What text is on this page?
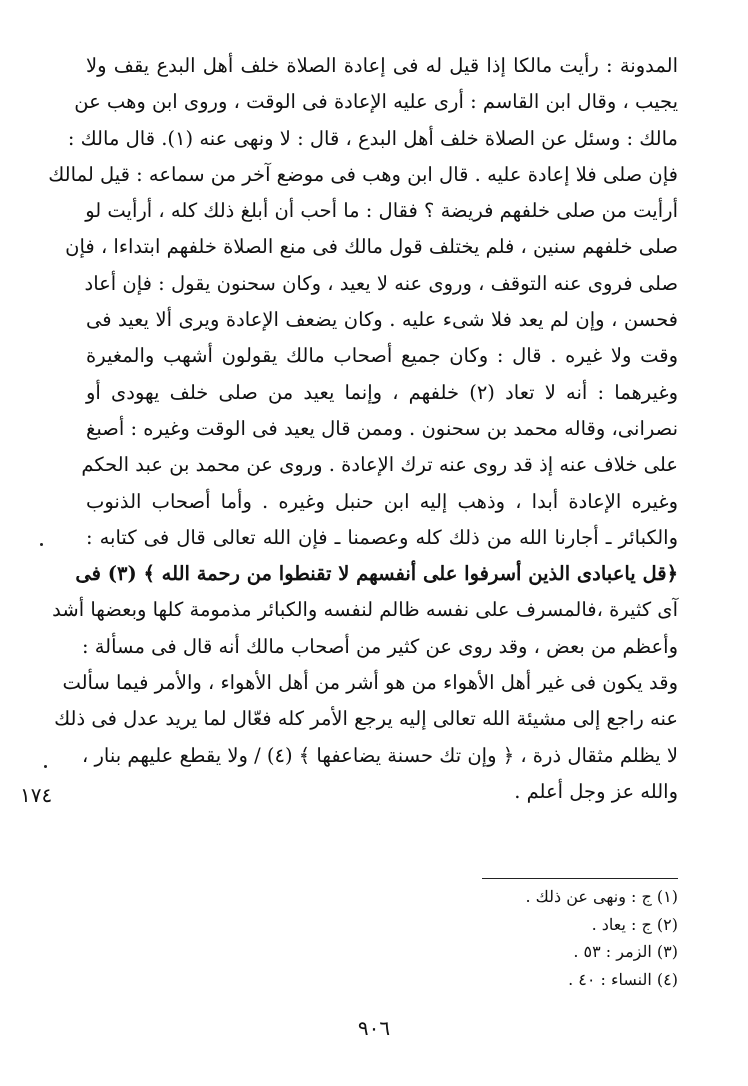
المدونة : رأيت مالكا إذا قيل له فى إعادة الصلاة خلف أهل البدع يقف ولا
يجيب ، وقال ابن القاسم : أرى عليه الإعادة فى الوقت ، وروى ابن وهب عن
مالك : وسئل عن الصلاة خلف أهل البدع ، قال : لا ونهى عنه (١). قال مالك :
فإن صلى فلا إعادة عليه . قال ابن وهب فى موضع آخر من سماعه : قيل لمالك
أرأيت من صلى خلفهم فريضة ؟ فقال : ما أحب أن أبلغ ذلك كله ، أرأيت لو
صلى خلفهم سنين ، فلم يختلف قول مالك فى منع الصلاة خلفهم ابتداءا ، فإن
صلى فروى عنه التوقف ، وروى عنه لا يعيد ، وكان سحنون يقول : فإن أعاد
فحسن ، وإن لم يعد فلا شىء عليه . وكان يضعف الإعادة ويرى ألا يعيد فى
وقت ولا غيره . قال : وكان جميع أصحاب مالك يقولون أشهب والمغيرة
وغيرهما : أنه لا تعاد (٢) خلفهم ، وإنما يعيد من صلى خلف يهودى أو
نصرانى، وقاله محمد بن سحنون . وممن قال يعيد فى الوقت وغيره : أصبغ
على خلاف عنه إذ قد روى عنه ترك الإعادة . وروى عن محمد بن عبد الحكم
وغيره الإعادة أبدا ، وذهب إليه ابن حنبل وغيره . وأما أصحاب الذنوب
والكبائر ـ أجارنا الله من ذلك كله وعصمنا ـ فإن الله تعالى قال فى كتابه :
﴿قل ياعبادى الذين أسرفوا على أنفسهم لا تقنطوا من رحمة الله ﴾ (٣) فى
آى كثيرة ،فالمسرف على نفسه ظالم لنفسه والكبائر مذمومة كلها وبعضها أشد
وأعظم من بعض ، وقد روى عن كثير من أصحاب مالك أنه قال فى مسألة :
وقد يكون فى غير أهل الأهواء من هو أشر من أهل الأهواء ، والأمر فيما سألت
عنه راجع إلى مشيئة الله تعالى إليه يرجع الأمر كله فعّال لما يريد عدل فى ذلك
لا يظلم مثقال ذرة ، ﴿ وإن تك حسنة يضاعفها ﴾ (٤) / ولا يقطع عليهم بنار ،
والله عز وجل أعلم .
١٧٤
(١) ج : ونهى عن ذلك .
(٢) ج : يعاد .
(٣) الزمر : ٥٣ .
(٤) النساء : ٤٠ .
٩٠٦
